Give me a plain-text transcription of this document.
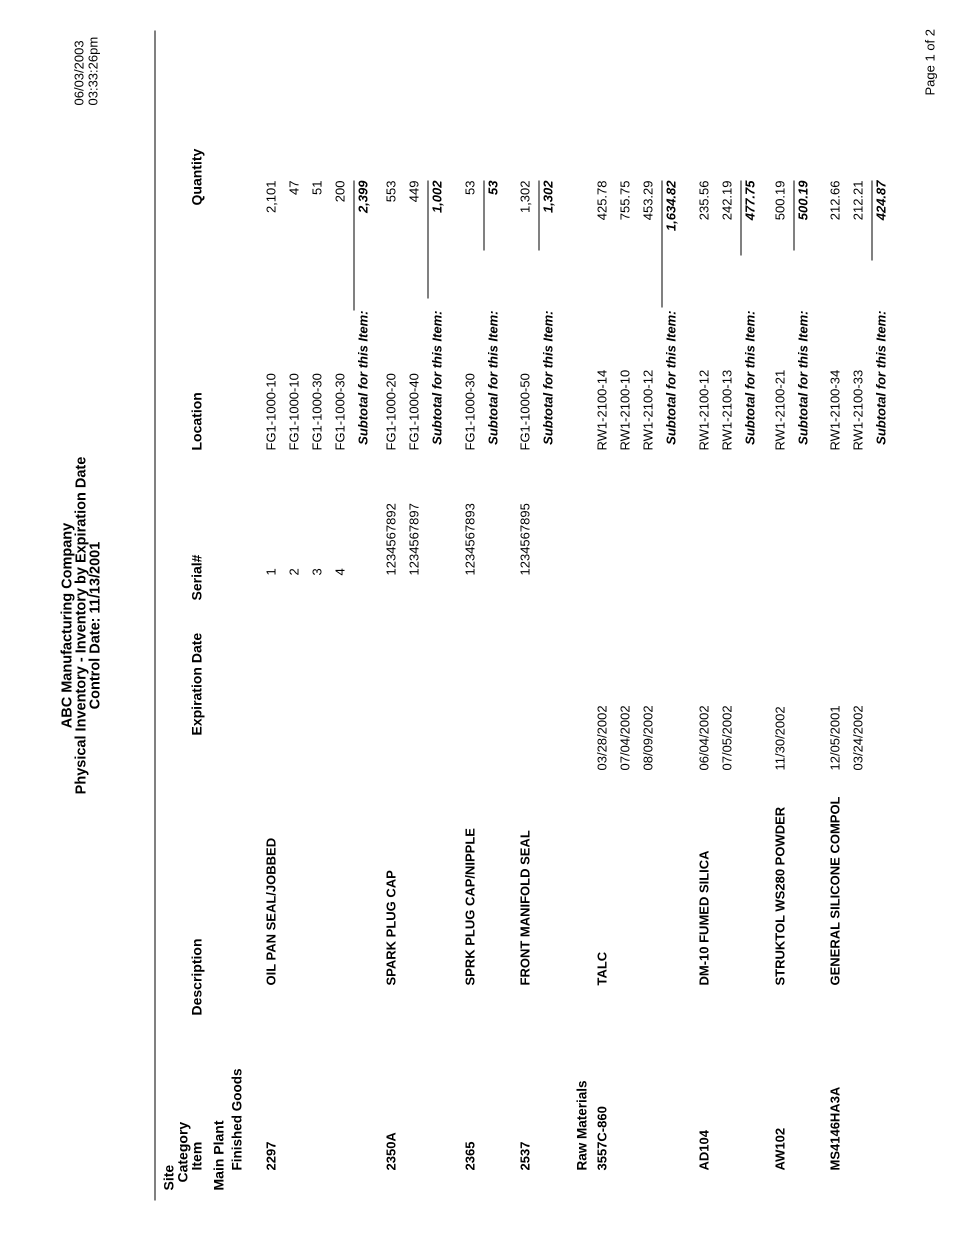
ABC Manufacturing Company
Physical Inventory - Inventory by Expiration Date
Control Date: 11/13/2001
06/03/2003 03:33:26pm	Page 1 of 2
Site
Category
Item
Description
Expiration Date
Serial#
Location
Quantity
Main Plant Finished Goods 2297
OIL PAN SEAL/JOBBED
1
FG1-1000-10
2,101
2
FG1-1000-10
47
3
FG1-1000-30
51
4
FG1-1000-30
200
Subtotal for this Item:
2,399
2350A
SPARK PLUG CAP
1234567892
FG1-1000-20
553
1234567897
FG1-1000-40
449
Subtotal for this Item:
1,002
2365
SPRK PLUG CAP/NIPPLE
1234567893
FG1-1000-30
53
Subtotal for this Item:
53
2537
FRONT MANIFOLD SEAL
1234567895
FG1-1000-50
1,302
Subtotal for this Item:
1,302
Raw Materials 3557C-860
TALC
03/28/2002
RW1-2100-14
425.78
07/04/2002
RW1-2100-10
755.75
08/09/2002
RW1-2100-12
453.29
Subtotal for this Item:
1,634.82
AD104
DM-10 FUMED SILICA
06/04/2002
RW1-2100-12
235.56
07/05/2002
RW1-2100-13
242.19
Subtotal for this Item:
477.75
AW102
STRUKTOL WS280 POWDER
11/30/2002
RW1-2100-21
500.19
Subtotal for this Item:
500.19
MS4146HA3A
GENERAL SILICONE COMPOL
12/05/2001
RW1-2100-34
212.66
03/24/2002
RW1-2100-33
212.21
Subtotal for this Item:
424.87
